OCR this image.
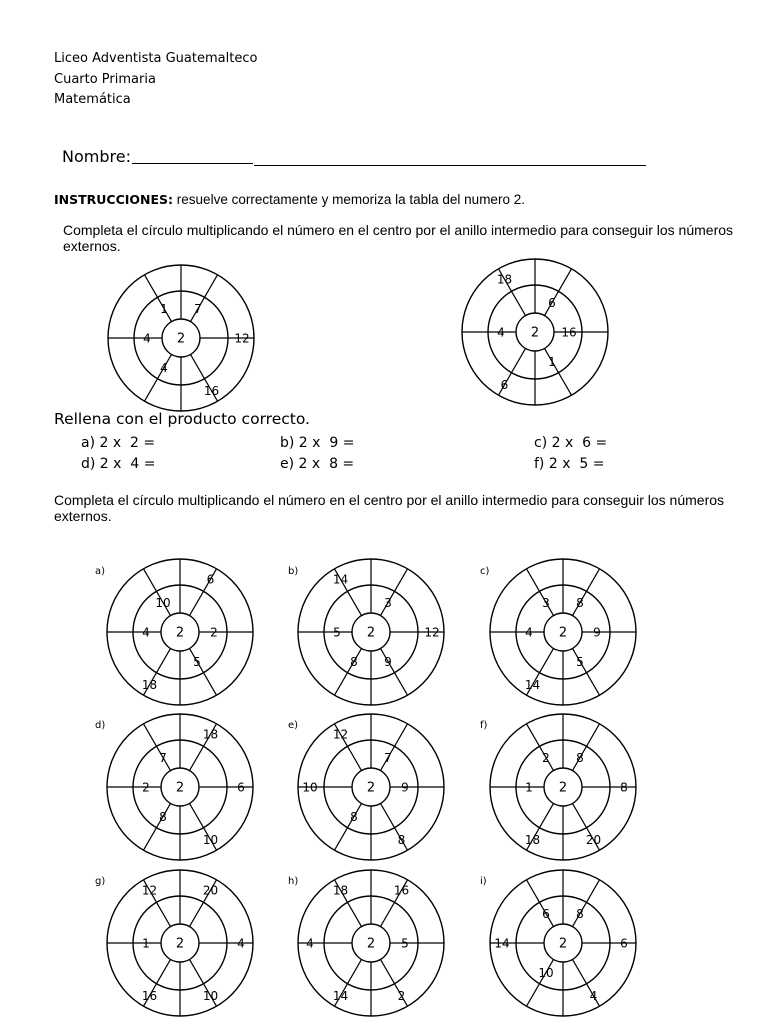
Liceo Adventista Guatemalteco
Cuarto Primaria
Matemática
Nombre:
INSTRUCCIONES: resuelve correctamente y memoriza la tabla del numero 2.
Completa el círculo multiplicando el número en el centro por el anillo intermedio para conseguir los números externos.
Rellena con el producto correcto.
a) 2 x  2 =	b) 2 x  9 =	c) 2 x  6 =
d) 2 x  4 =	e) 2 x  8 =	f) 2 x  5 =
Completa el círculo multiplicando el número en el centro por el anillo intermedio para conseguir los números externos.
1 7
4
4	12
16
2
6
16
1
4
18
6
2
10
2
5
4
6
18
2
a)
3
9
8
5
14
12
2
b)
3 8
9
5
4
14
2
c)
7
8
2
18
6
10
2
d)
7
9
8
12
8
10	2
e)
2 8
1	8
20
18
2
f)
1
12	20
4
10
16
2
g)
5
18	16
2
14
4	2
h)
6 8
10
6
4
14	2
i)
